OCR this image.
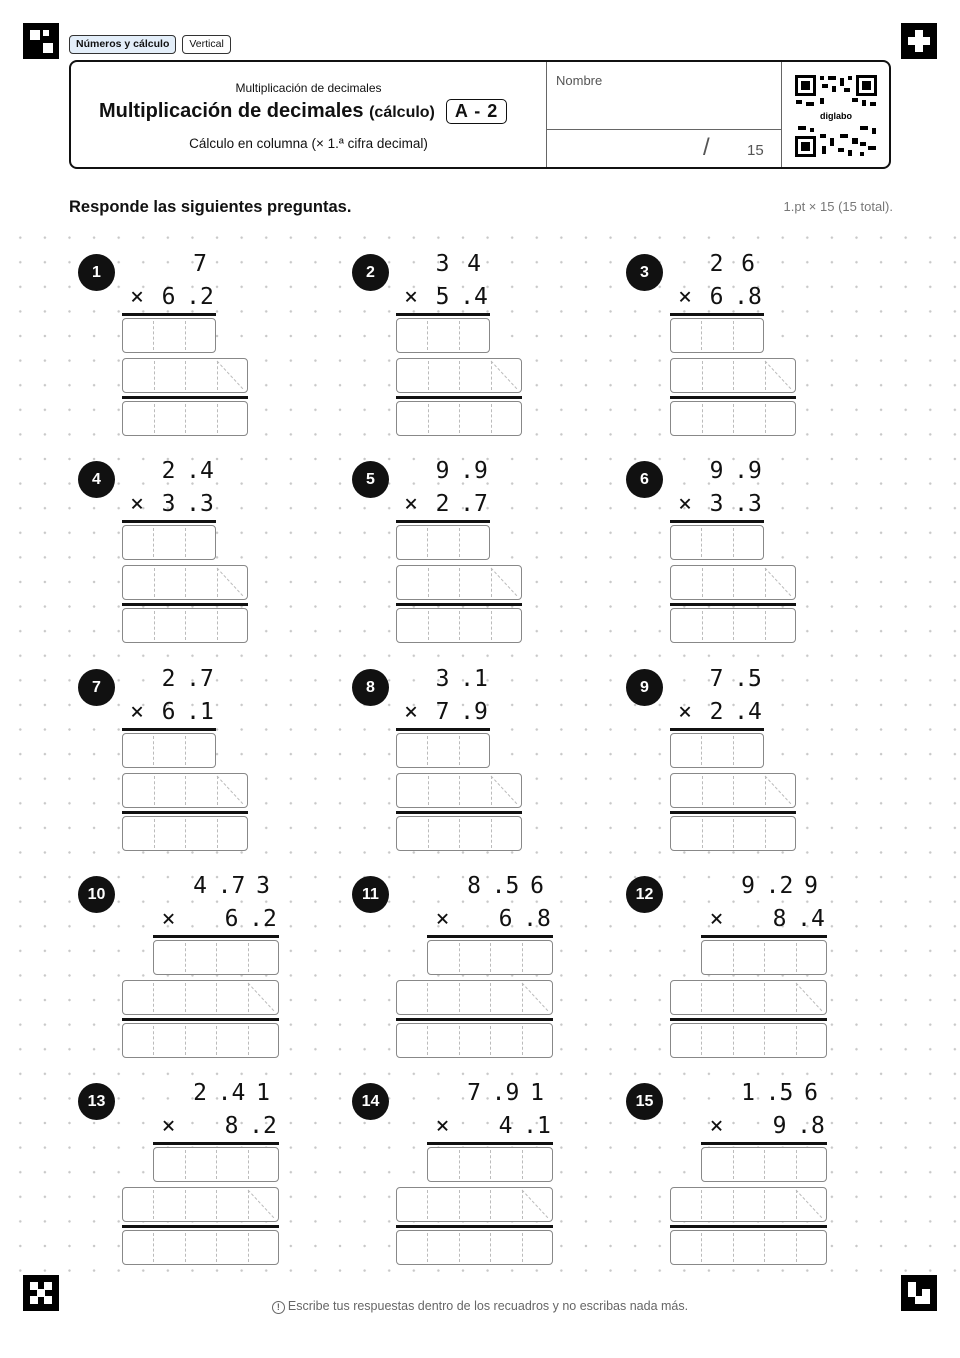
Números y cálculo	Vertical
Multiplicación de decimales
Multiplicación de decimales (cálculo)	A - 2
Cálculo en columna (× 1.ª cifra decimal)
Nombre
/ 15
diglabo
Responde las siguientes preguntas.	1.pt × 15 (15 total).
1	7
6 .2
×
2	3 4
5 .4
×
3	2 6
6 .8
×
4	2 .4
3 .3
×
5	9 .9
2 .7
×
6	9 .9
3 .3
×
7	2 .7
6 .1
×
8	3 .1
7 .9
×
9	7 .5
2 .4
×
10	4 .7 3
6 .2
×
11	8 .5 6
6 .8
×
12	9 .2 9
8 .4
×
13	2 .4 1
8 .2
×
14	7 .9 1
4 .1
×
15	1 .5 6
9 .8
×
! Escribe tus respuestas dentro de los recuadros y no escribas nada más.
